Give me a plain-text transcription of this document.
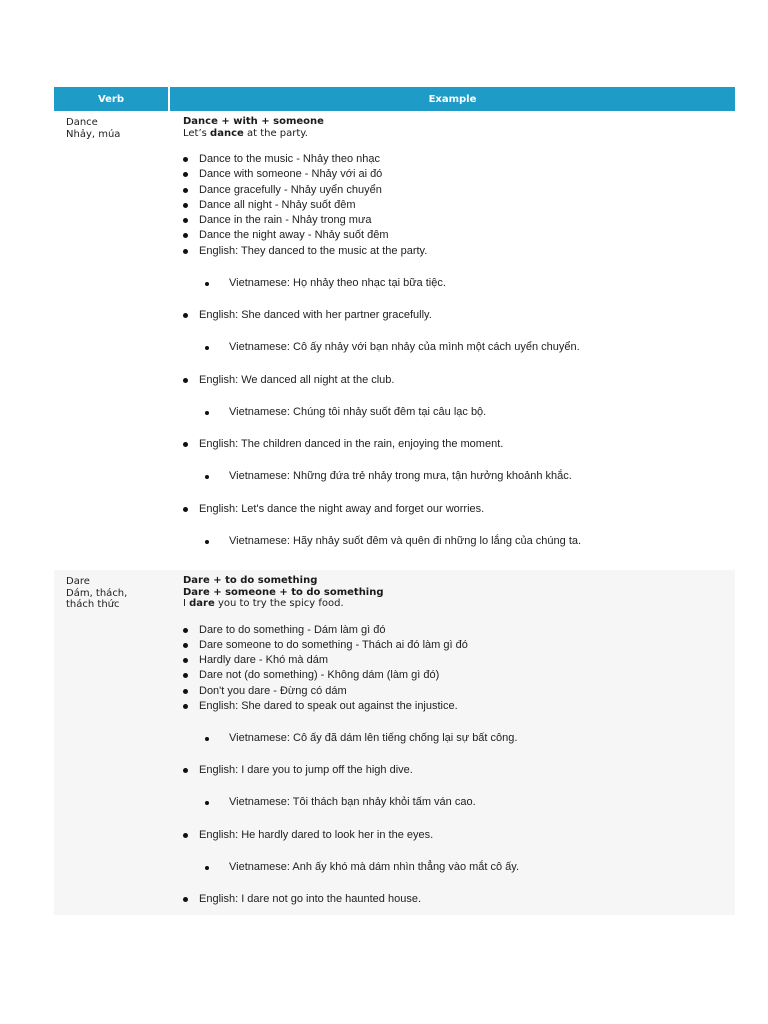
Verb	Example
Dance
Nhảy, múa
Dance + with + someone
Let’s dance at the party.
Dance to the music - Nhảy theo nhạc
Dance with someone - Nhảy với ai đó
Dance gracefully - Nhảy uyển chuyển
Dance all night - Nhảy suốt đêm
Dance in the rain - Nhảy trong mưa
Dance the night away - Nhảy suốt đêm
English: They danced to the music at the party.
Vietnamese: Họ nhảy theo nhạc tại bữa tiệc.
English: She danced with her partner gracefully.
Vietnamese: Cô ấy nhảy với bạn nhảy của mình một cách uyển chuyển.
English: We danced all night at the club.
Vietnamese: Chúng tôi nhảy suốt đêm tại câu lạc bộ.
English: The children danced in the rain, enjoying the moment.
Vietnamese: Những đứa trẻ nhảy trong mưa, tận hưởng khoảnh khắc.
English: Let's dance the night away and forget our worries.
Vietnamese: Hãy nhảy suốt đêm và quên đi những lo lắng của chúng ta.
Dare
Dám, thách,
thách thức
Dare + to do something
Dare + someone + to do something
I dare you to try the spicy food.
Dare to do something - Dám làm gì đó
Dare someone to do something - Thách ai đó làm gì đó
Hardly dare - Khó mà dám
Dare not (do something) - Không dám (làm gì đó)
Don't you dare - Đừng có dám
English: She dared to speak out against the injustice.
Vietnamese: Cô ấy đã dám lên tiếng chống lại sự bất công.
English: I dare you to jump off the high dive.
Vietnamese: Tôi thách bạn nhảy khỏi tấm ván cao.
English: He hardly dared to look her in the eyes.
Vietnamese: Anh ấy khó mà dám nhìn thẳng vào mắt cô ấy.
English: I dare not go into the haunted house.
